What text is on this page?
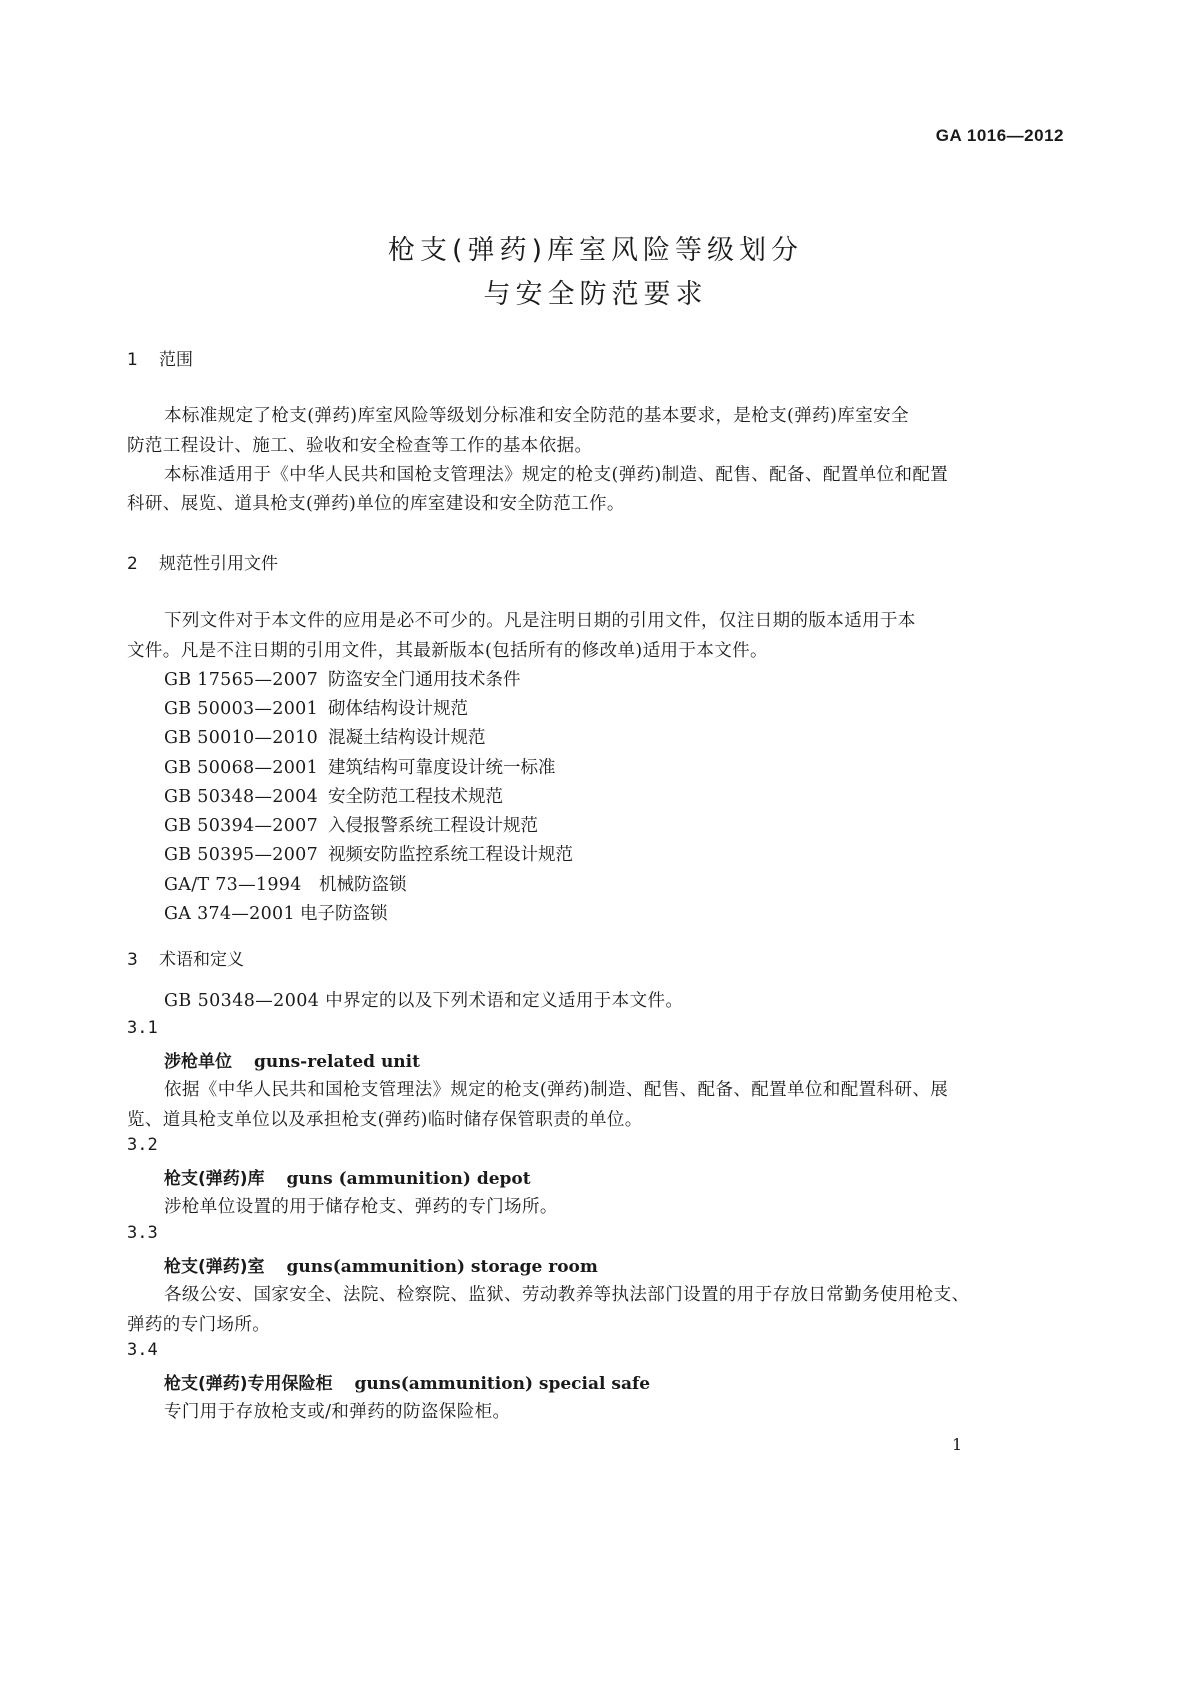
GA 1016—2012
枪支(弹药)库室风险等级划分
与安全防范要求
1 范围
本标准规定了枪支(弹药)库室风险等级划分标准和安全防范的基本要求，是枪支(弹药)库室安全
防范工程设计、施工、验收和安全检查等工作的基本依据。
本标准适用于《中华人民共和国枪支管理法》规定的枪支(弹药)制造、配售、配备、配置单位和配置
科研、展览、道具枪支(弹药)单位的库室建设和安全防范工作。
2 规范性引用文件
下列文件对于本文件的应用是必不可少的。凡是注明日期的引用文件，仅注日期的版本适用于本
文件。凡是不注日期的引用文件，其最新版本(包括所有的修改单)适用于本文件。
GB 17565—2007 防盗安全门通用技术条件
GB 50003—2001 砌体结构设计规范
GB 50010—2010 混凝土结构设计规范
GB 50068—2001 建筑结构可靠度设计统一标准
GB 50348—2004 安全防范工程技术规范
GB 50394—2007 入侵报警系统工程设计规范
GB 50395—2007 视频安防监控系统工程设计规范
GA/T 73—1994 机械防盗锁
GA 374—2001 电子防盗锁
3 术语和定义
GB 50348—2004 中界定的以及下列术语和定义适用于本文件。
3.1
涉枪单位 guns-related unit
依据《中华人民共和国枪支管理法》规定的枪支(弹药)制造、配售、配备、配置单位和配置科研、展
览、道具枪支单位以及承担枪支(弹药)临时储存保管职责的单位。
3.2
枪支(弹药)库 guns (ammunition) depot
涉枪单位设置的用于储存枪支、弹药的专门场所。
3.3
枪支(弹药)室 guns(ammunition) storage room
各级公安、国家安全、法院、检察院、监狱、劳动教养等执法部门设置的用于存放日常勤务使用枪支、
弹药的专门场所。
3.4
枪支(弹药)专用保险柜 guns(ammunition) special safe
专门用于存放枪支或/和弹药的防盗保险柜。
1
